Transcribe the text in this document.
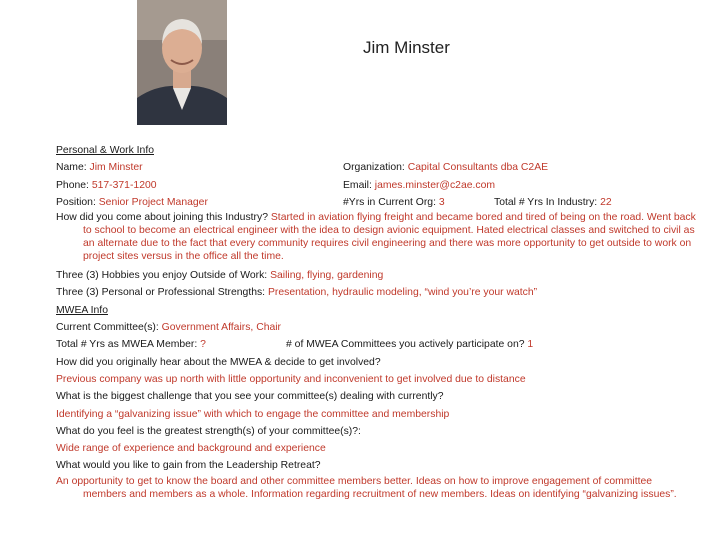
Jim Minster
Personal & Work Info
Name: Jim Minster	Organization: Capital Consultants dba C2AE
Phone: 517-371-1200	Email: james.minster@c2ae.com
Position: Senior Project Manager	#Yrs in Current Org: 3	Total # Yrs In Industry: 22
How did you come about joining this Industry? Started in aviation flying freight and became bored and tired of being on the road. Went back to school to become an electrical engineer with the idea to design avionic equipment. Hated electrical classes and switched to civil as an alternate due to the fact that every community requires civil engineering and there was more opportunity to get outside to work on project sites versus in the office all the time.
Three (3) Hobbies you enjoy Outside of Work: Sailing, flying, gardening
Three (3) Personal or Professional Strengths: Presentation, hydraulic modeling, “wind you’re your watch”
MWEA Info
Current Committee(s): Government Affairs, Chair
Total # Yrs as MWEA Member: ?	# of MWEA Committees you actively participate on? 1
How did you originally hear about the MWEA & decide to get involved?
Previous company was up north with little opportunity and inconvenient to get involved due to distance
What is the biggest challenge that you see your committee(s) dealing with currently?
Identifying a “galvanizing issue” with which to engage the committee and membership
What do you feel is the greatest strength(s) of your committee(s)?:
Wide range of experience and background and experience
What would you like to gain from the Leadership Retreat?
An opportunity to get to know the board and other committee members better. Ideas on how to improve engagement of committee members and members as a whole. Information regarding recruitment of new members. Ideas on identifying “galvanizing issues”.
